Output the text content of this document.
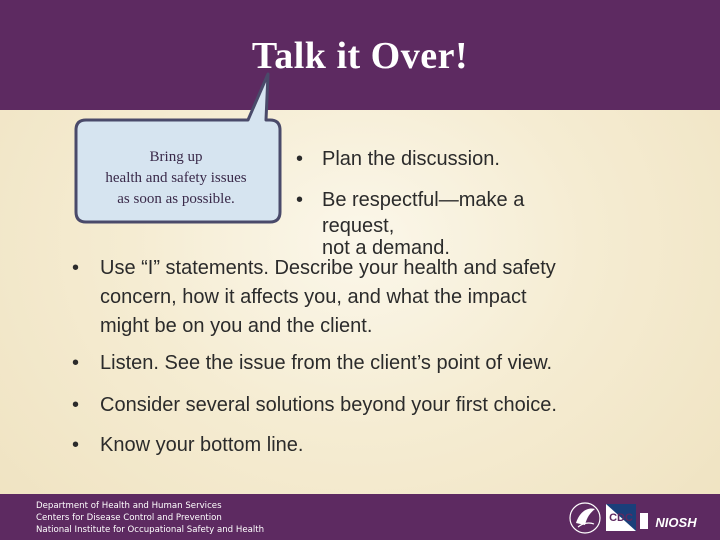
Talk it Over!
Bring up
health and safety issues
as soon as possible.
• Plan the discussion.
• Be respectful—make a
request,
not a demand.
• Use “I” statements. Describe your health and safety
concern, how it affects you, and what the impact
might be on you and the client.
• Listen. See the issue from the client’s point of view.
• Consider several solutions beyond your first choice.
• Know your bottom line.
Department of Health and Human Services
Centers for Disease Control and Prevention
National Institute for Occupational Safety and Health
CDC NIOSH
